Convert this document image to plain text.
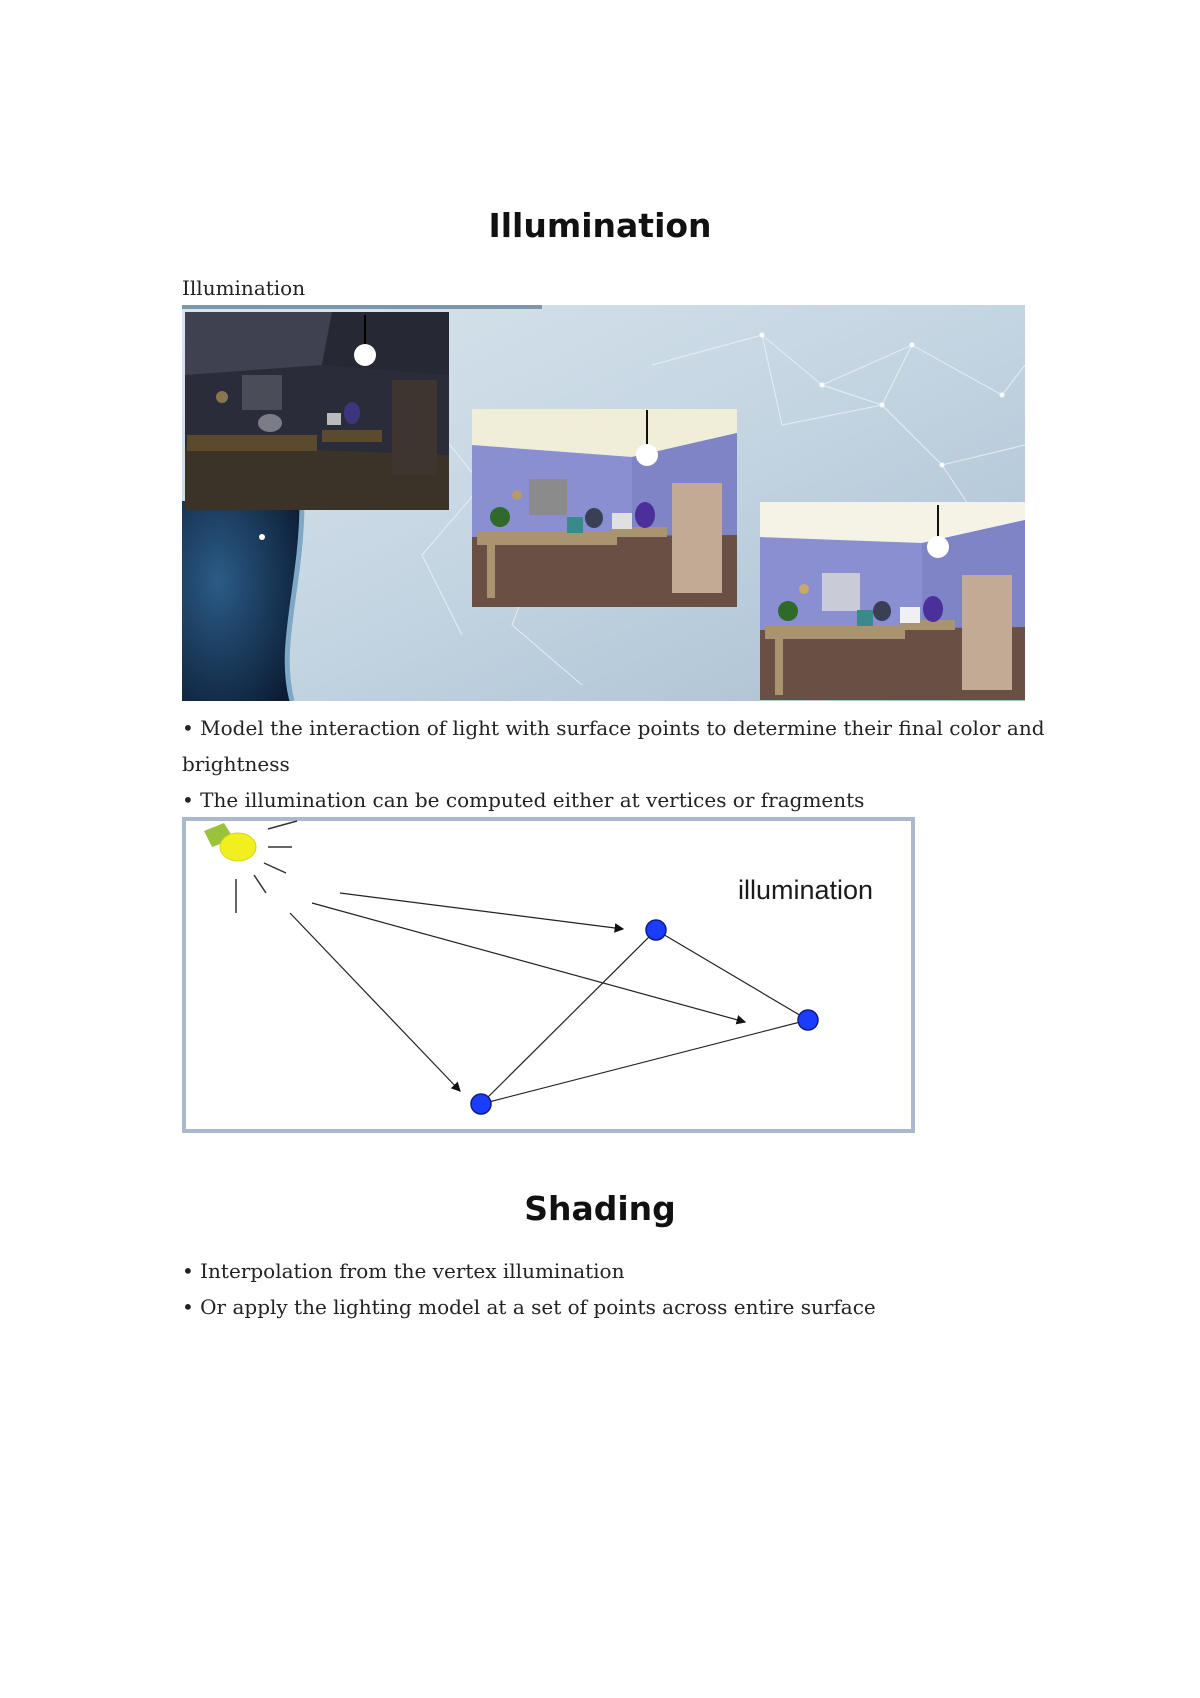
Illumination

Illumination

• Model the interaction of light with surface points to determine their final color and

brightness

• The illumination can be computed either at vertices or fragments

illumination
Shading

• Interpolation from the vertex illumination

• Or apply the lighting model at a set of points across entire surface
